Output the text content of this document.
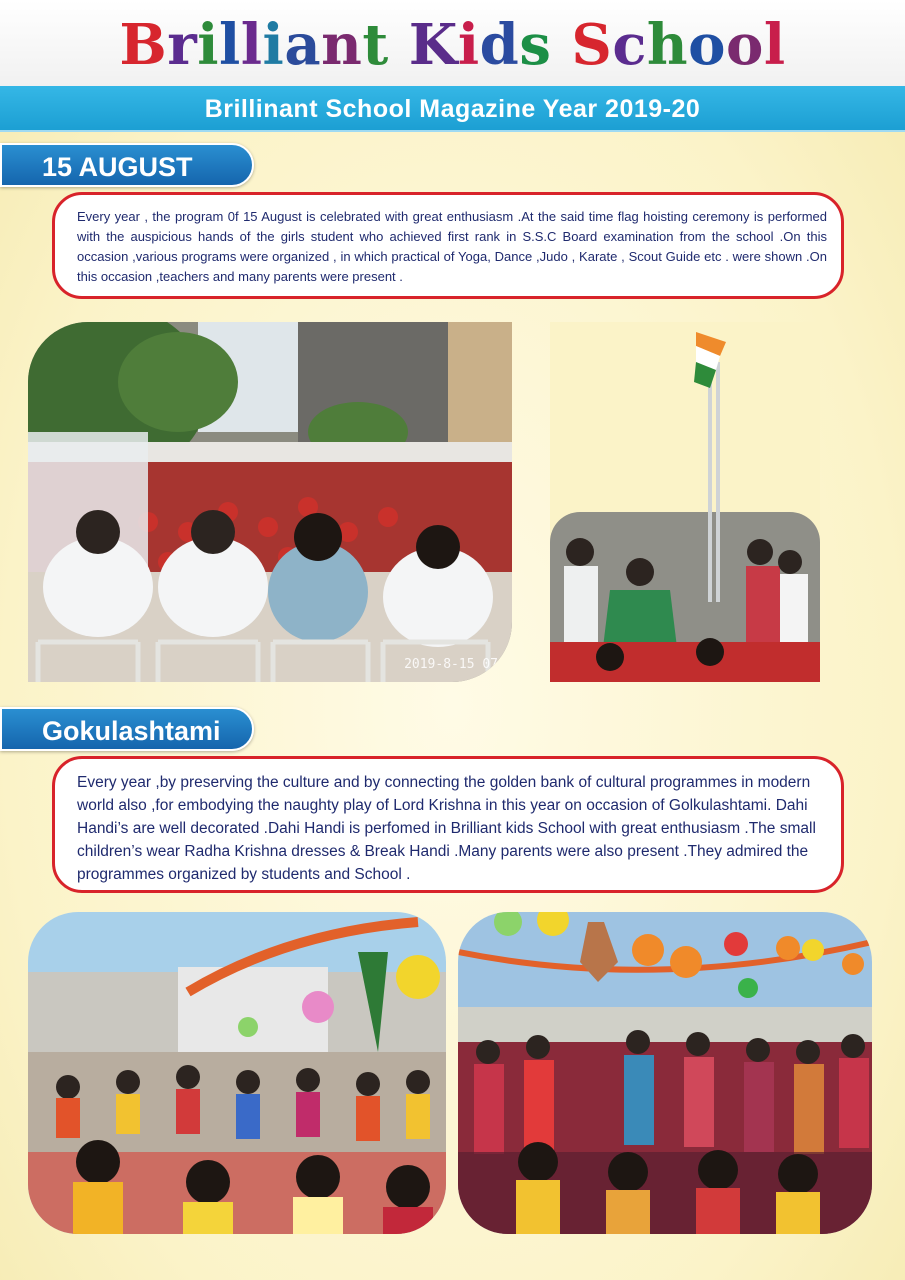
Brilliant Kids School
Brillinant School Magazine Year 2019-20
15 AUGUST

Every year , the program 0f 15 August is celebrated with great enthusiasm .At the said time flag hoisting ceremony is performed with the auspicious hands of the girls student who achieved first rank in S.S.C Board examination from the school .On this occasion ,various programs were organized , in which practical of Yoga, Dance ,Judo , Karate , Scout Guide etc . were shown .On this occasion ,teachers and many parents were present .

2019-8-15 07
Gokulashtami

Every year ,by preserving the culture and by connecting the golden bank of cultural programmes in modern world also ,for embodying the naughty play of Lord Krishna in this year on occasion of Golkulashtami. Dahi Handi’s are well decorated .Dahi Handi is perfomed in Brilliant kids School with great enthusiasm .The small children’s wear Radha Krishna dresses & Break Handi .Many parents were also present .They admired the programmes organized by students and School .
